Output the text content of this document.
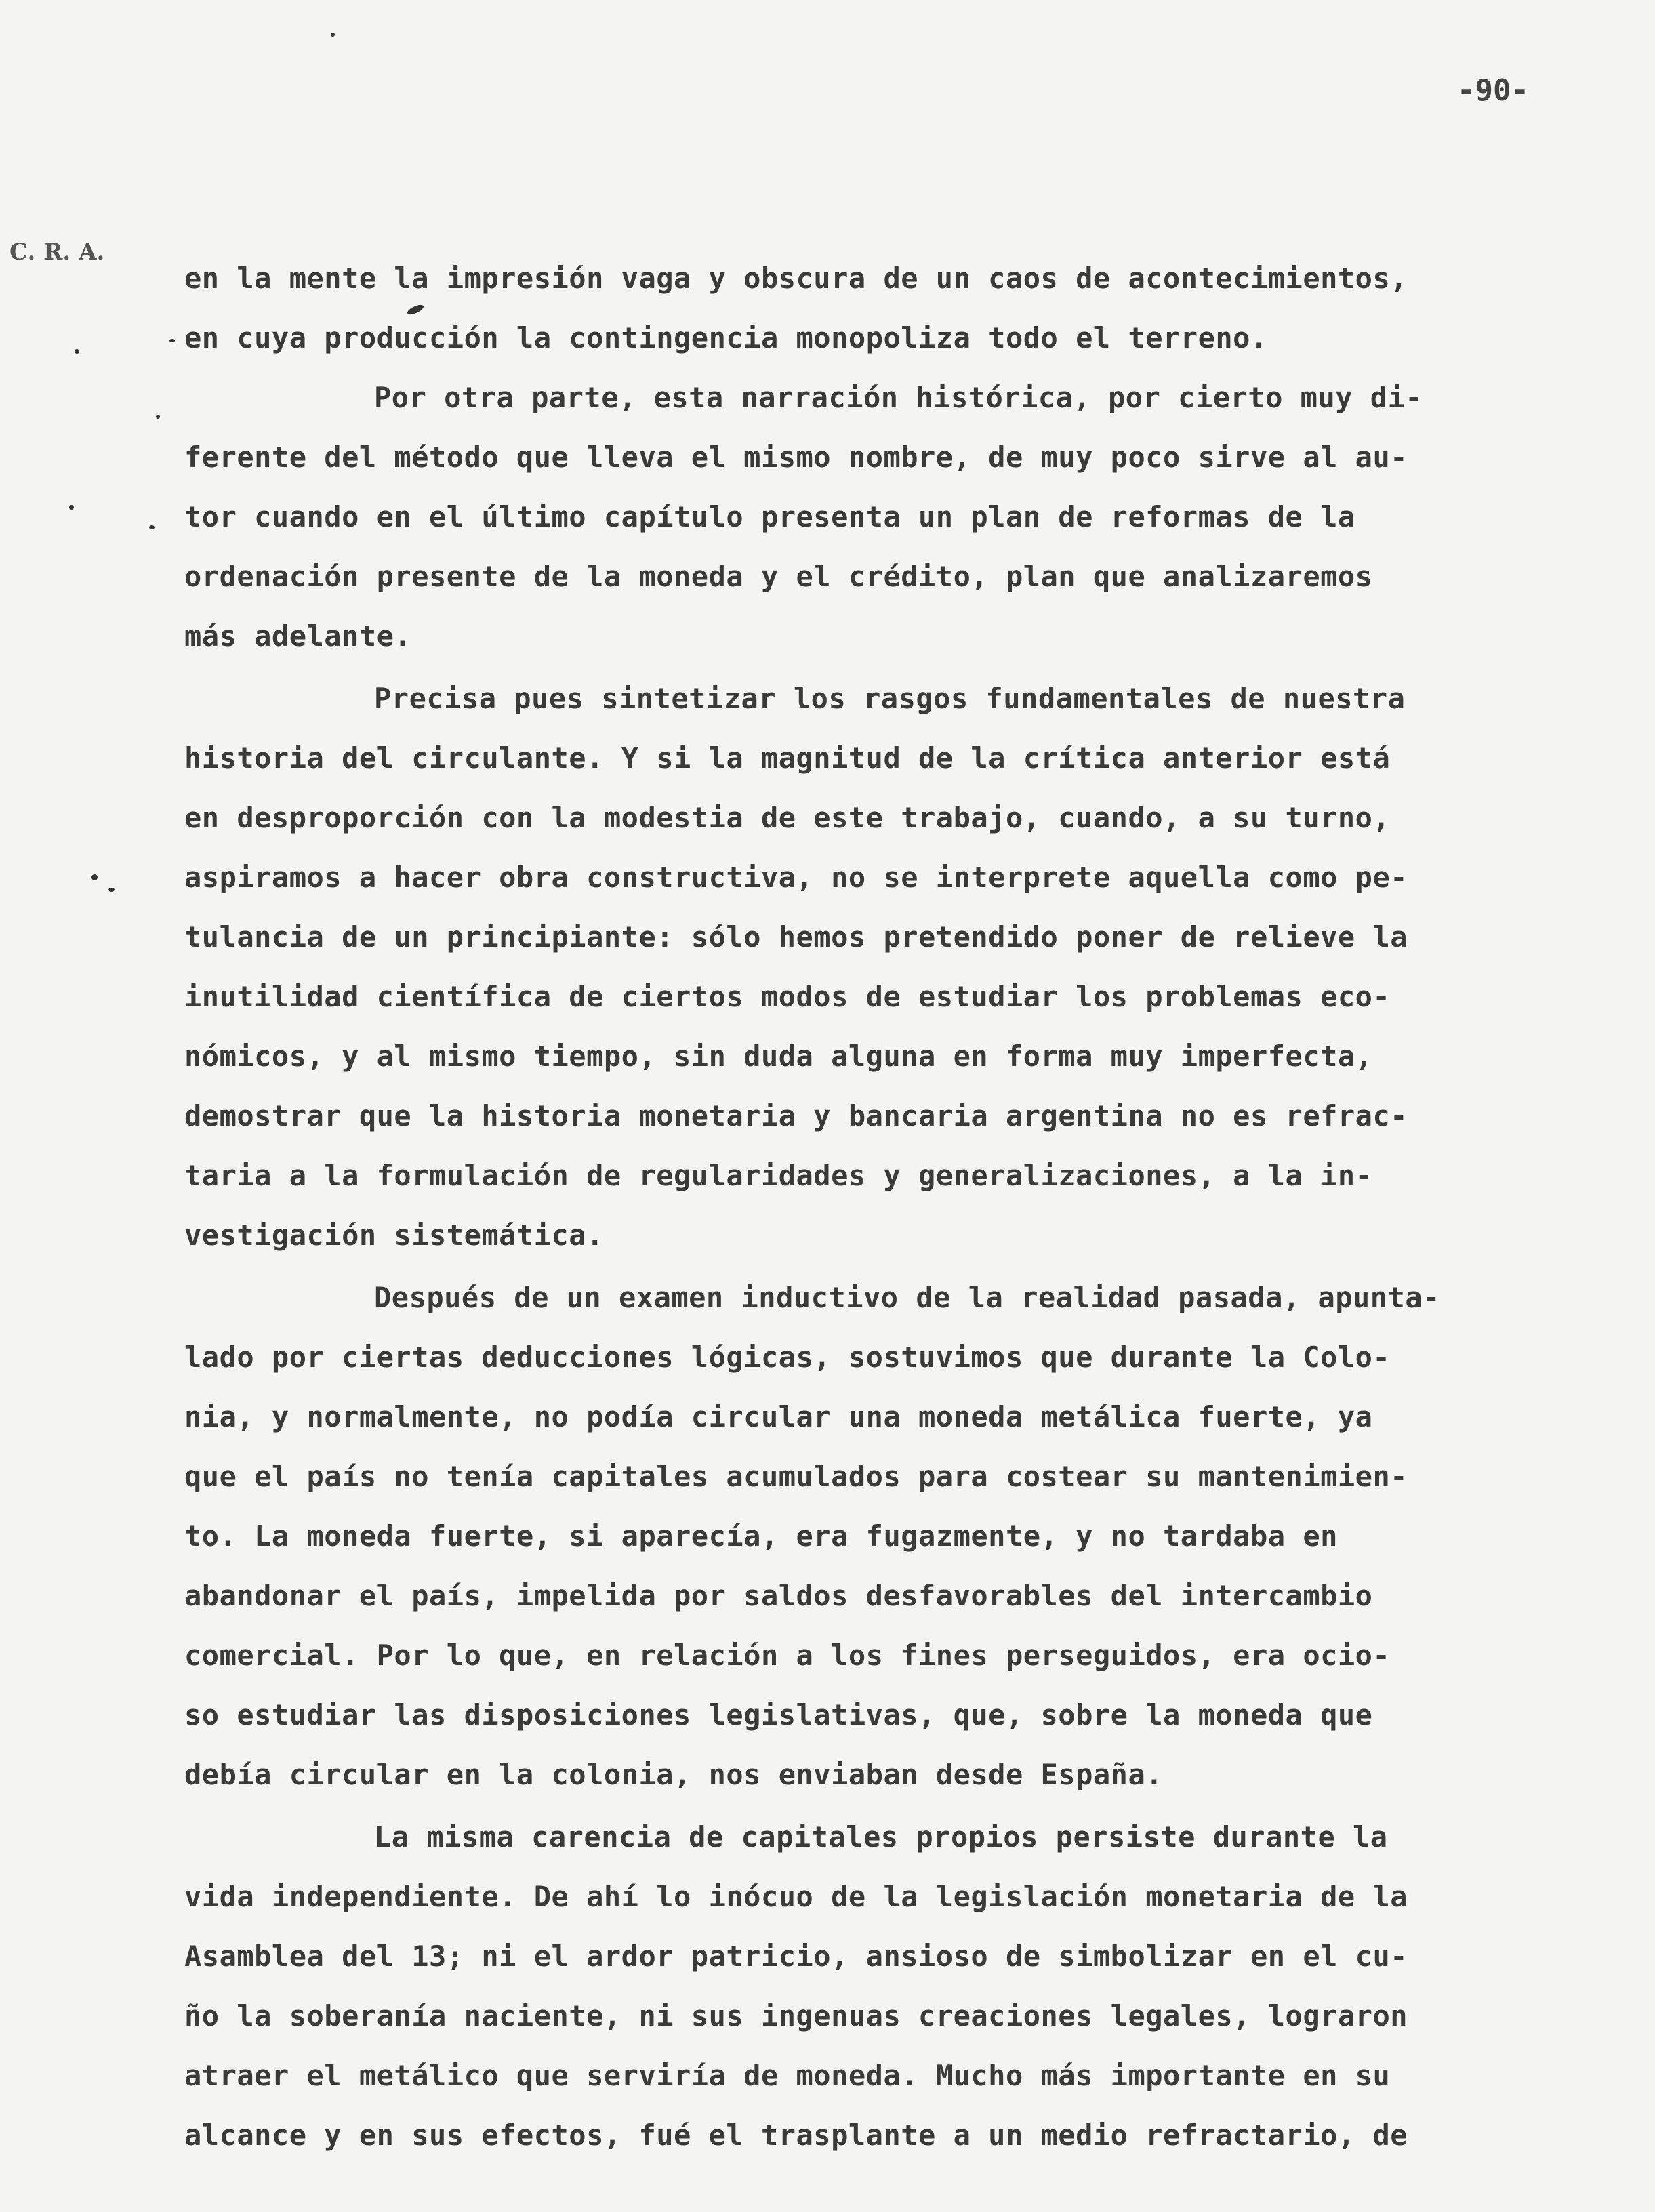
-90-
C. R. A.
en la mente la impresión vaga y obscura de un caos de acontecimientos,
en cuya producción la contingencia monopoliza todo el terreno.
Por otra parte, esta narración histórica, por cierto muy di-
ferente del método que lleva el mismo nombre, de muy poco sirve al au-
tor cuando en el último capítulo presenta un plan de reformas de la
ordenación presente de la moneda y el crédito, plan que analizaremos
más adelante.
Precisa pues sintetizar los rasgos fundamentales de nuestra
historia del circulante. Y si la magnitud de la crítica anterior está
en desproporción con la modestia de este trabajo, cuando, a su turno,
aspiramos a hacer obra constructiva, no se interprete aquella como pe-
tulancia de un principiante: sólo hemos pretendido poner de relieve la
inutilidad científica de ciertos modos de estudiar los problemas eco-
nómicos, y al mismo tiempo, sin duda alguna en forma muy imperfecta,
demostrar que la historia monetaria y bancaria argentina no es refrac-
taria a la formulación de regularidades y generalizaciones, a la in-
vestigación sistemática.
Después de un examen inductivo de la realidad pasada, apunta-
lado por ciertas deducciones lógicas, sostuvimos que durante la Colo-
nia, y normalmente, no podía circular una moneda metálica fuerte, ya
que el país no tenía capitales acumulados para costear su mantenimien-
to. La moneda fuerte, si aparecía, era fugazmente, y no tardaba en
abandonar el país, impelida por saldos desfavorables del intercambio
comercial. Por lo que, en relación a los fines perseguidos, era ocio-
so estudiar las disposiciones legislativas, que, sobre la moneda que
debía circular en la colonia, nos enviaban desde España.
La misma carencia de capitales propios persiste durante la
vida independiente. De ahí lo inócuo de la legislación monetaria de la
Asamblea del 13; ni el ardor patricio, ansioso de simbolizar en el cu-
ño la soberanía naciente, ni sus ingenuas creaciones legales, lograron
atraer el metálico que serviría de moneda. Mucho más importante en su
alcance y en sus efectos, fué el trasplante a un medio refractario, de
